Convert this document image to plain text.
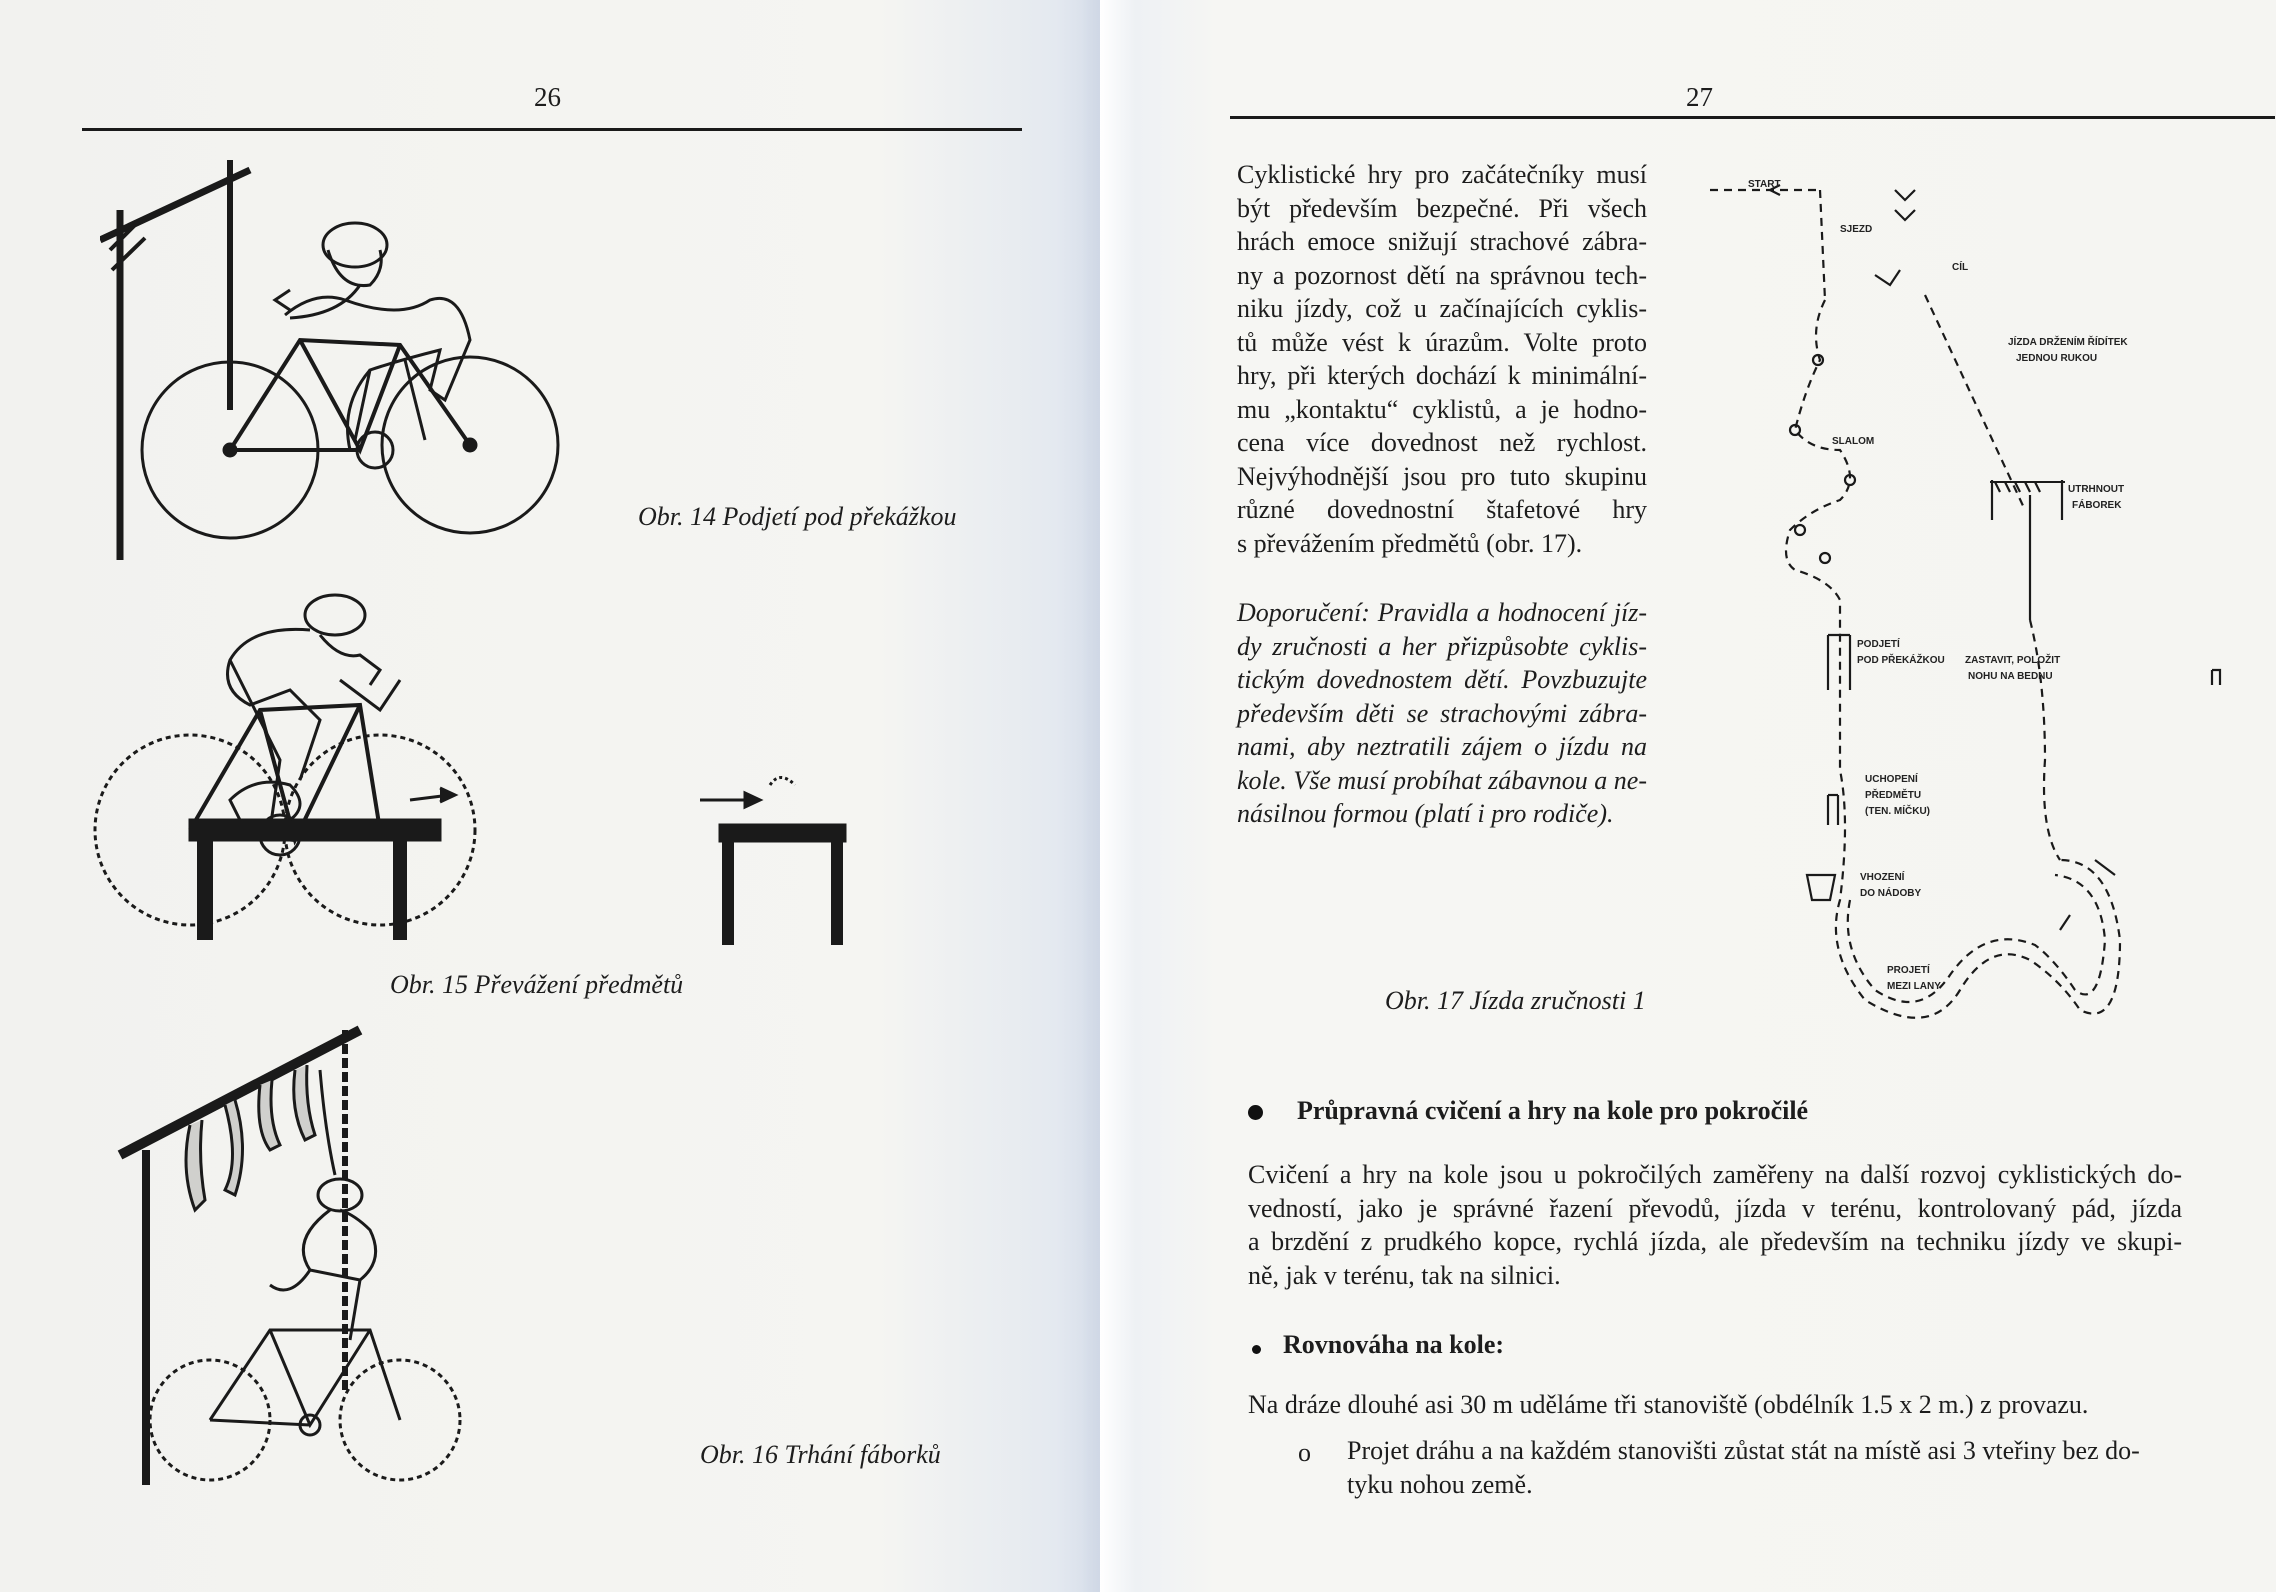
26
Obr. 14 Podjetí pod překážkou
Obr. 15 Převážení předmětů
Obr. 16 Trhání fáborků
27
Cyklistické hry pro začátečníky musí
být především bezpečné. Při všech
hrách emoce snižují strachové zábra-
ny a pozornost dětí na správnou tech-
niku jízdy, což u začínajících cyklis-
tů může vést k úrazům. Volte proto
hry, při kterých dochází k minimální-
mu „kontaktu“ cyklistů, a je hodno-
cena více dovednost než rychlost.
Nejvýhodnější jsou pro tuto skupinu
různé dovednostní štafetové hry
s převážením předmětů (obr. 17).
Doporučení: Pravidla a hodnocení jíz-
dy zručnosti a her přizpůsobte cyklis-
tickým dovednostem dětí. Povzbuzujte
především děti se strachovými zábra-
nami, aby neztratili zájem o jízdu na
kole. Vše musí probíhat zábavnou a ne-
násilnou formou (platí i pro rodiče).
START
SJEZD
CÍL
JÍZDA DRŽENÍM ŘÍDÍTEK
JEDNOU RUKOU
SLALOM
UTRHNOUT
FÁBOREK
PODJETÍ
POD PŘEKÁŽKOU ZASTAVIT, POLOŽIT
NOHU NA BEDNU
UCHOPENÍ
PŘEDMĚTU
(TEN. MÍČKU)
VHOZENÍ
DO NÁDOBY
PROJETÍ
MEZI LANY
Obr. 17 Jízda zručnosti 1
Průpravná cvičení a hry na kole pro pokročilé
Cvičení a hry na kole jsou u pokročilých zaměřeny na další rozvoj cyklistických do-
vedností, jako je správné řazení převodů, jízda v terénu, kontrolovaný pád, jízda
a brzdění z prudkého kopce, rychlá jízda, ale především na techniku jízdy ve skupi-
ně, jak v terénu, tak na silnici.
Rovnováha na kole:
Na dráze dlouhé asi 30 m uděláme tři stanoviště (obdélník 1.5 x 2 m.) z provazu.
o Projet dráhu a na každém stanovišti zůstat stát na místě asi 3 vteřiny bez do-
tyku nohou země.
